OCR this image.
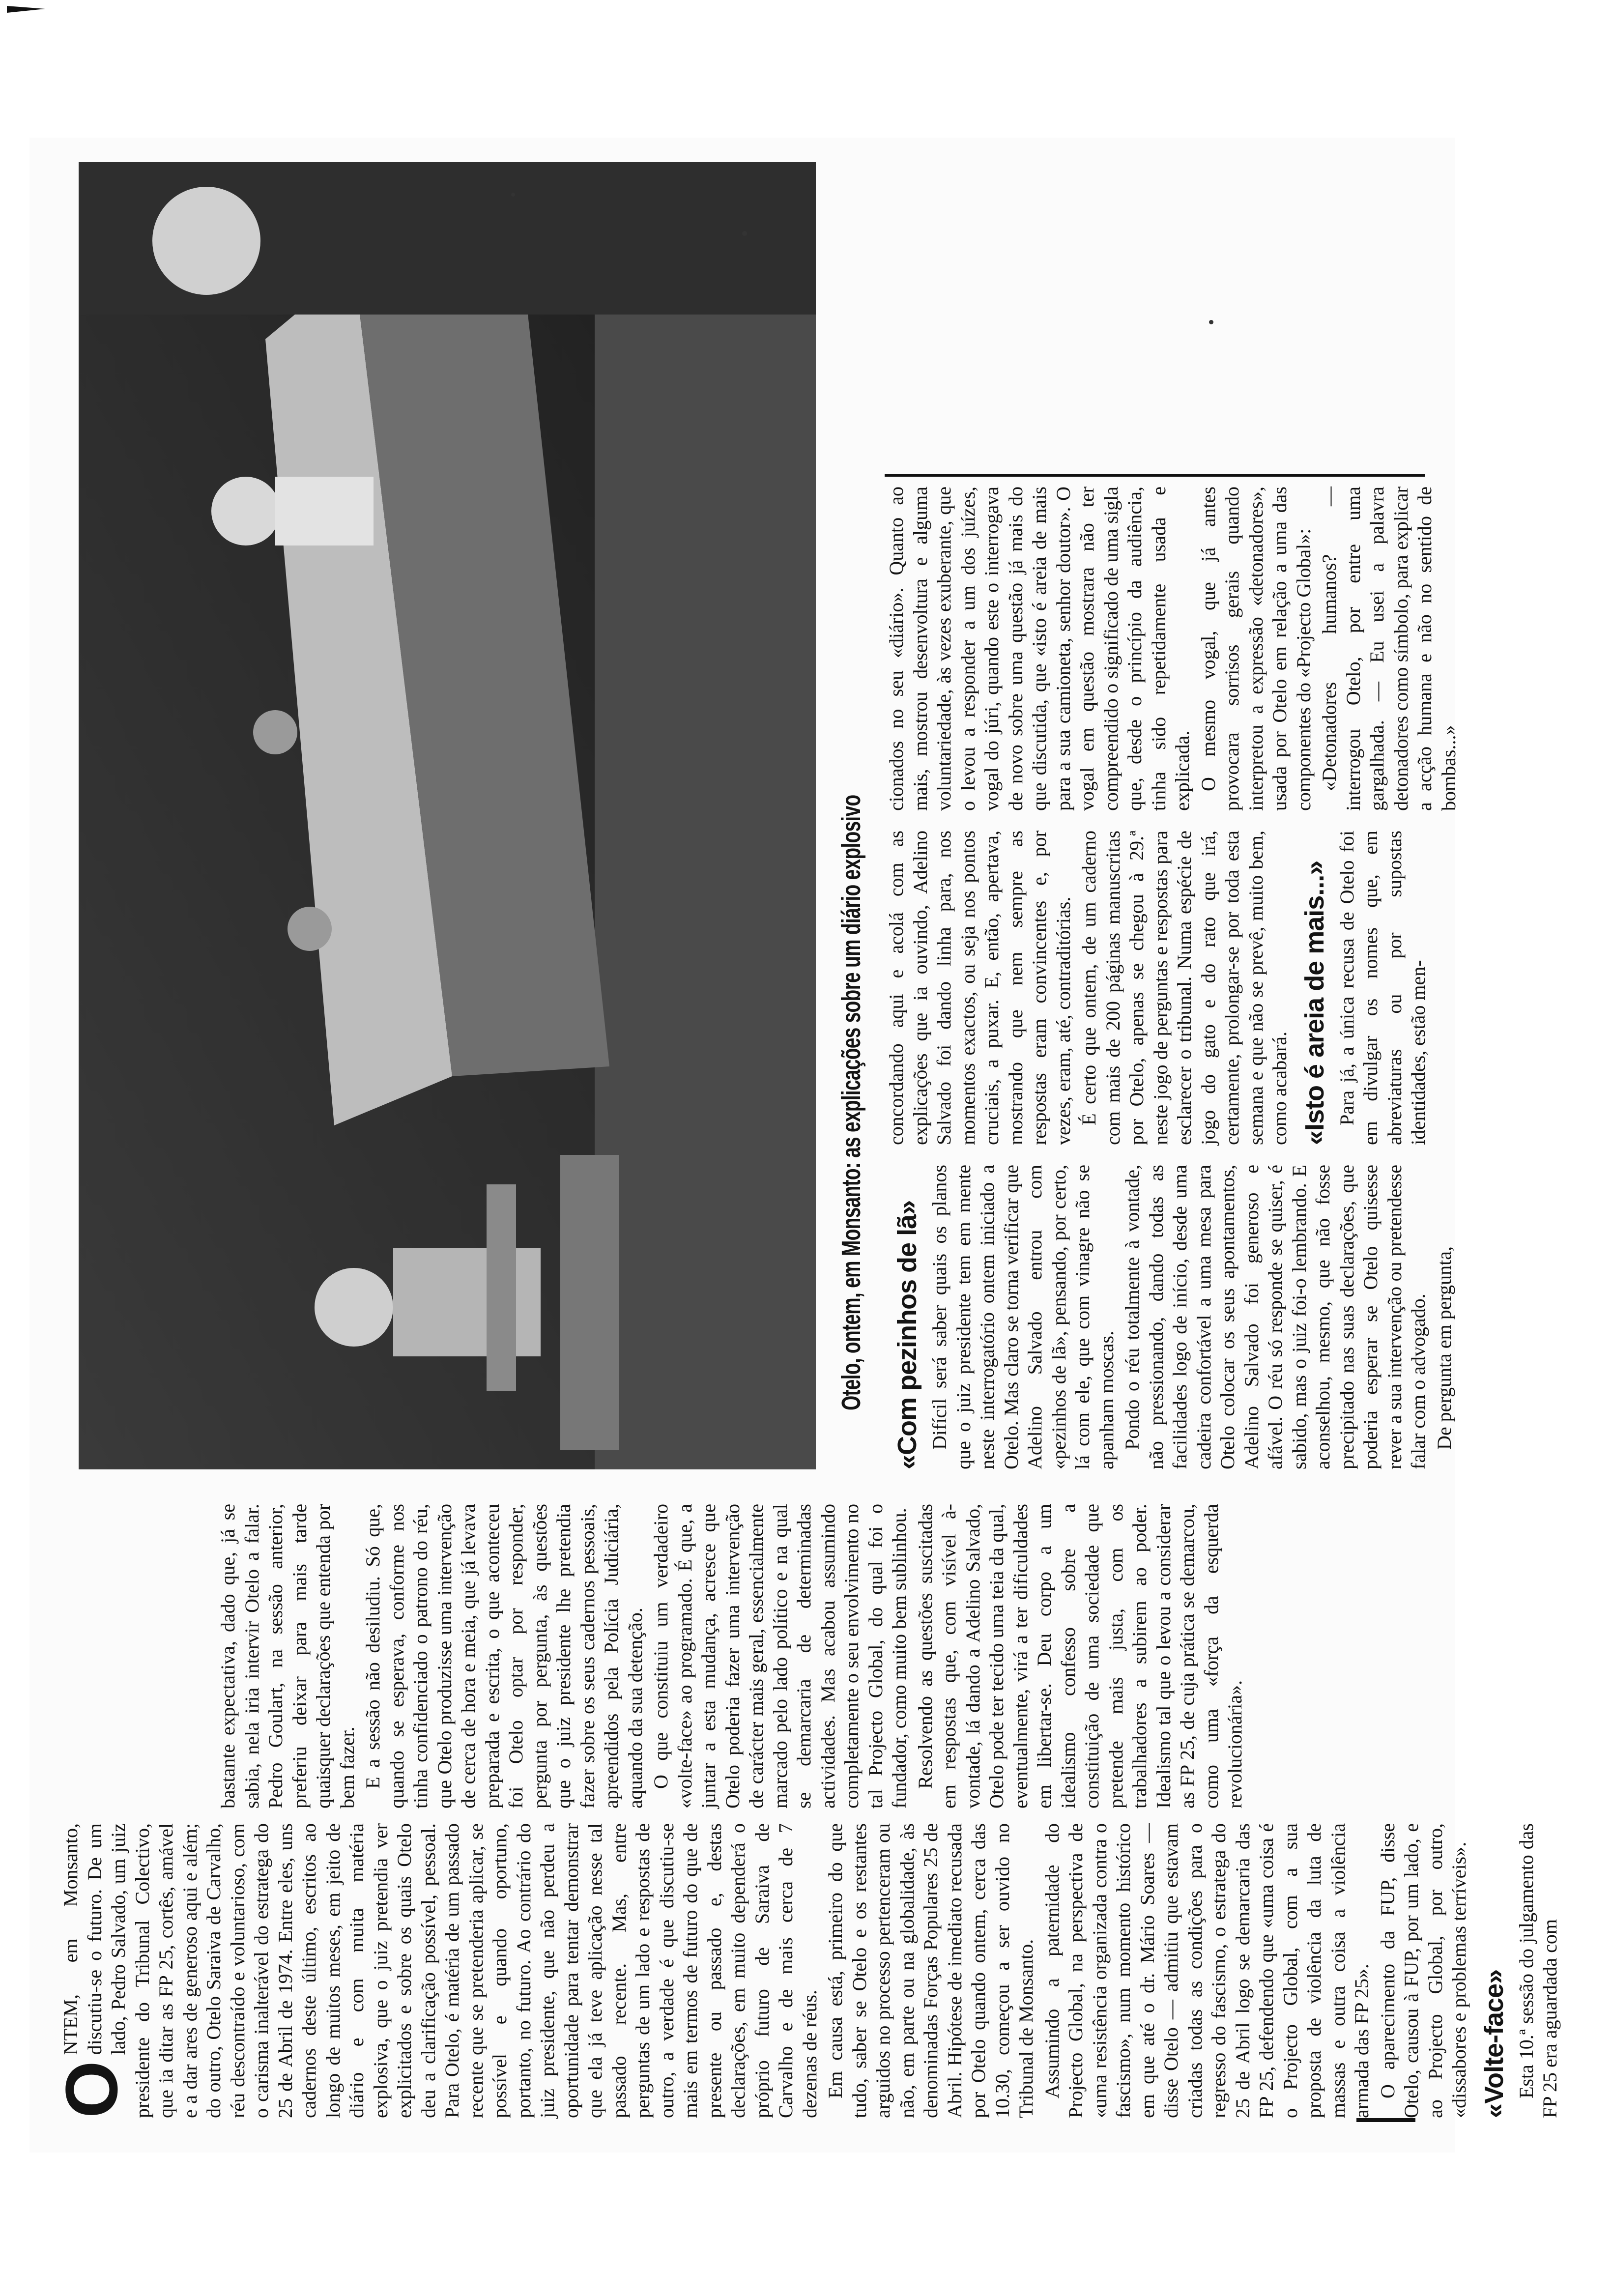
O
NTEM, em Monsanto, discutiu-se o futuro. De um lado, Pedro Salvado, um juiz presidente do Tribunal Colectivo, que ia ditar as FP 25, cortês, amável e a dar ares de generoso aqui e além; do outro, Otelo Saraiva de Carvalho, réu descontraído e voluntarioso, com o carisma inalterável do estratega do 25 de Abril de 1974. Entre eles, uns cadernos deste último, escritos ao longo de muitos meses, em jeito de diário e com muita matéria explosiva, que o juiz pretendia ver explicitados e sobre os quais Otelo deu a clarificação possível, pessoal. Para Otelo, é matéria de um passado recente que se pretenderia aplicar, se possível e quando oportuno, portanto, no futuro. Ao contrário do juiz presidente, que não perdeu a oportunidade para tentar demonstrar que ela já teve aplicação nesse tal passado recente. Mas, entre perguntas de um lado e respostas de outro, a verdade é que discutiu-se mais em termos de futuro do que de presente ou passado e, destas declarações, em muito dependerá o próprio futuro de Saraiva de Carvalho e de mais cerca de 7 dezenas de réus. Em causa está, primeiro do que tudo, saber se Otelo e os restantes arguidos no processo pertenceram ou não, em parte ou na globalidade, às denominadas Forças Populares 25 de Abril. Hipótese de imediato recusada por Otelo quando ontem, cerca das 10.30, começou a ser ouvido no Tribunal de Monsanto. Assumindo a paternidade do Projecto Global, na perspectiva de «uma resistência organizada contra o fascismo», num momento histórico em que até o dr. Mário Soares — disse Otelo — admitiu que estavam criadas todas as condições para o regresso do fascismo, o estratega do 25 de Abril logo se demarcaria das FP 25, defendendo que «uma coisa é o Projecto Global, com a sua proposta de violência da luta de massas e outra coisa a violência armada das FP 25». O aparecimento da FUP, disse Otelo, causou à FUP, por um lado, e ao Projecto Global, por outro, «dissabores e problemas terríveis». «Volte-face» Esta 10.ª sessão do julgamento das FP 25 era aguardada com

bastante expectativa, dado que, já se sabia, nela iria intervir Otelo a falar. Pedro Goulart, na sessão anterior, preferiu deixar para mais tarde quaisquer declarações que entenda por bem fazer. E a sessão não desiludiu. Só que, quando se esperava, conforme nos tinha confidenciado o patrono do réu, que Otelo produzisse uma intervenção de cerca de hora e meia, que já levava preparada e escrita, o que aconteceu foi Otelo optar por responder, pergunta por pergunta, às questões que o juiz presidente lhe pretendia fazer sobre os seus cadernos pessoais, apreendidos pela Polícia Judiciária, aquando da sua detenção. O que constituiu um verdadeiro «volte-face» ao programado. É que, a juntar a esta mudança, acresce que Otelo poderia fazer uma intervenção de carácter mais geral, essencialmente marcado pelo lado político e na qual se demarcaria de determinadas actividades. Mas acabou assumindo completamente o seu envolvimento no tal Projecto Global, do qual foi o fundador, como muito bem sublinhou. Resolvendo as questões suscitadas em respostas que, com visível à-vontade, lá dando a Adelino Salvado, Otelo pode ter tecido uma teia da qual, eventualmente, virá a ter dificuldades em libertar-se. Deu corpo a um idealismo confesso sobre a constituição de uma sociedade que pretende mais justa, com os trabalhadores a subirem ao poder. Idealismo tal que o levou a considerar as FP 25, de cuja prática se demarcou, como uma «força da esquerda revolucionária».

Otelo, ontem, em Monsanto: as explicações sobre um diário explosivo «Com pezinhos de lã» Difícil será saber quais os planos que o juiz presidente tem em mente neste interrogatório ontem iniciado a Otelo. Mas claro se torna verificar que Adelino Salvado entrou com «pezinhos de lã», pensando, por certo, lá com ele, que com vinagre não se apanham moscas. Pondo o réu totalmente à vontade, não pressionando, dando todas as facilidades logo de início, desde uma cadeira confortável a uma mesa para Otelo colocar os seus apontamentos, Adelino Salvado foi generoso e afável. O réu só responde se quiser, é sabido, mas o juiz foi-o lembrando. E aconselhou, mesmo, que não fosse precipitado nas suas declarações, que poderia esperar se Otelo quisesse rever a sua intervenção ou pretendesse falar com o advogado. De pergunta em pergunta,

concordando aqui e acolá com as explicações que ia ouvindo, Adelino Salvado foi dando linha para, nos momentos exactos, ou seja nos pontos cruciais, a puxar. E, então, apertava, mostrando que nem sempre as respostas eram convincentes e, por vezes, eram, até, contraditórias. É certo que ontem, de um caderno com mais de 200 páginas manuscritas por Otelo, apenas se chegou à 29.ª neste jogo de perguntas e respostas para esclarecer o tribunal. Numa espécie de jogo do gato e do rato que irá, certamente, prolongar-se por toda esta semana e que não se prevê, muito bem, como acabará. «Isto é areia de mais...» Para já, a única recusa de Otelo foi em divulgar os nomes que, em abreviaturas ou por supostas identidades, estão men-

cionados no seu «diário». Quanto ao mais, mostrou desenvoltura e alguma voluntariedade, às vezes exuberante, que o levou a responder a um dos juízes, vogal do júri, quando este o interrogava de novo sobre uma questão já mais do que discutida, que «isto é areia de mais para a sua camioneta, senhor doutor». O vogal em questão mostrara não ter compreendido o significado de uma sigla que, desde o princípio da audiência, tinha sido repetidamente usada e explicada. O mesmo vogal, que já antes provocara sorrisos gerais quando interpretou a expressão «detonadores», usada por Otelo em relação a uma das componentes do «Projecto Global»: «Detonadores humanos? — interrogou Otelo, por entre uma gargalhada. — Eu usei a palavra detonadores como símbolo, para explicar a acção humana e não no sentido de bombas...»
